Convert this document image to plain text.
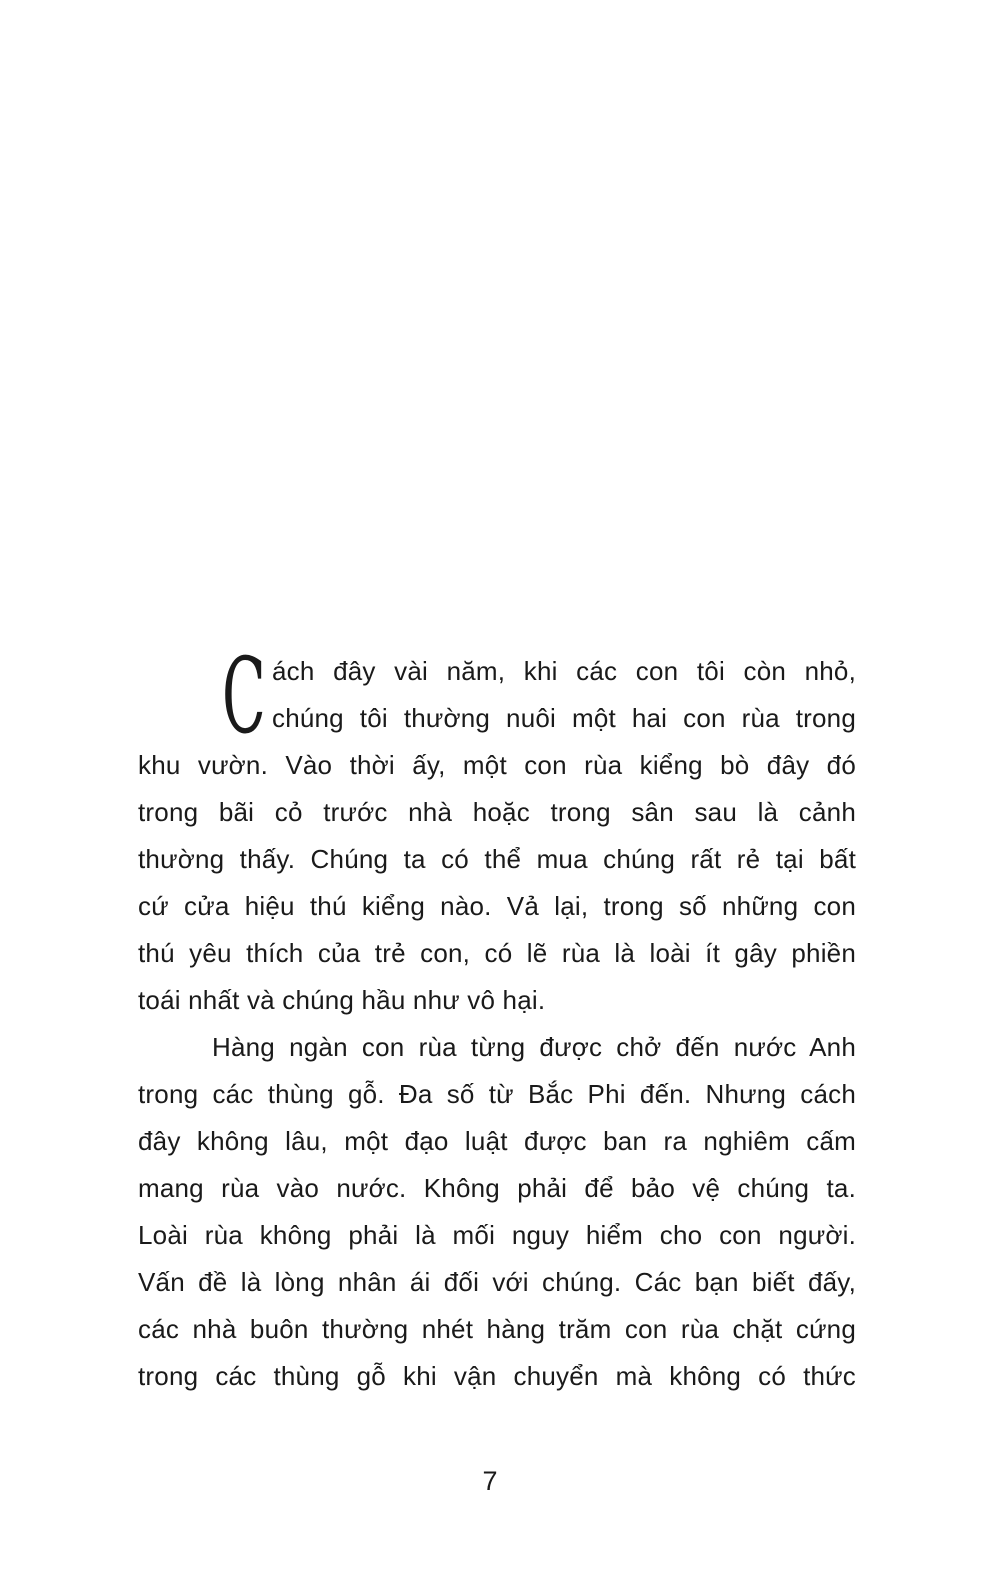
C ách đây vài năm, khi các con tôi còn nhỏ,
chúng tôi thường nuôi một hai con rùa trong
khu vườn. Vào thời ấy, một con rùa kiểng bò đây đó
trong bãi cỏ trước nhà hoặc trong sân sau là cảnh
thường thấy. Chúng ta có thể mua chúng rất rẻ tại bất
cứ cửa hiệu thú kiểng nào. Vả lại, trong số những con
thú yêu thích của trẻ con, có lẽ rùa là loài ít gây phiền
toái nhất và chúng hầu như vô hại.
Hàng ngàn con rùa từng được chở đến nước Anh
trong các thùng gỗ. Đa số từ Bắc Phi đến. Nhưng cách
đây không lâu, một đạo luật được ban ra nghiêm cấm
mang rùa vào nước. Không phải để bảo vệ chúng ta.
Loài rùa không phải là mối nguy hiểm cho con người.
Vấn đề là lòng nhân ái đối với chúng. Các bạn biết đấy,
các nhà buôn thường nhét hàng trăm con rùa chặt cứng
trong các thùng gỗ khi vận chuyển mà không có thức
7
